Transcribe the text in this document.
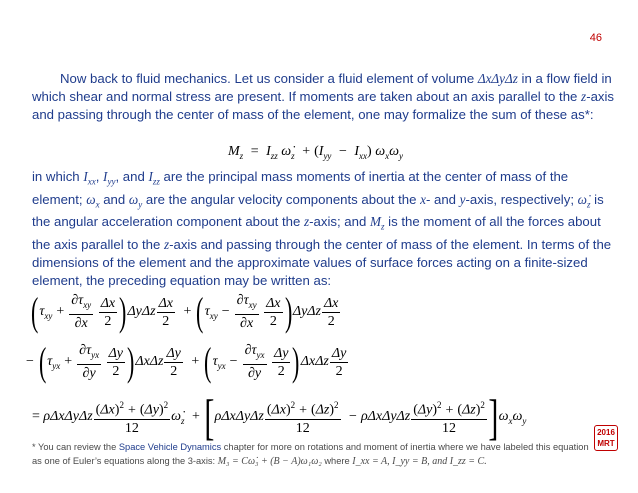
46
Now back to fluid mechanics. Let us consider a fluid element of volume ΔxΔyΔz in a flow field in which shear and normal stress are present. If moments are taken about an axis parallel to the z-axis and passing through the center of mass of the element, one may formalize the sum of these as*:
$M_z = I_{zz}$ $\omegȧ_z + (I_{yy} - I_{xx})$ $\omega_x\omega_y$
in which $I_{xx}$, $I_{yy}$, and $I_{zz}$ are the principal mass moments of inertia at the center of mass of the element; $\omega_x$ and $\omega_y$ are the angular velocity components about the x- and y-axis, respectively; $\omegȧ_z$ is the angular acceleration component about the z-axis; and $M_z$ is the moment of all the forces about the axis parallel to the z-axis and passing through the center of mass of the element. In terms of the dimensions of the element and the approximate values of surface forces acting on a finite-sized element, the preceding equation may be written as:
($\tau_{xy} + \frac{\partial\tau_{xy}}{\partial x}$
$\frac{\Delta x}{2} )\Delta y\Delta z \frac{\Delta x}{2} + (\tau_{xy} - \frac{\partial\tau_{xy}}{\partial x}$
$\frac{\Delta x}{2} )\Delta y\Delta z \frac{\Delta x}{2}$
− ($\tau_{yx} + \frac{\partial\tau_{yx}}{\partial y}$
$\frac{\Delta y}{2} )\Delta x\Delta z \frac{\Delta y}{2} + (\tau_{yx} - \frac{\partial\tau_{yx}}{\partial y}$
$\frac{\Delta y}{2} )\Delta x\Delta z \frac{\Delta y}{2}$
= ρΔxΔyΔz $\frac{(\Delta x)^2 + (\Delta y)^2}{12}$ $\omegȧ_z +[\rho\Delta x\Delta y\Delta z \frac{(\Delta x)^2 + (\Delta z)^2}{12} - \rho\Delta x\Delta y\Delta z \frac{(\Delta y)^2 + (\Delta z)^2}{12} ]\omega_x\omega_y$
* You can review the Space Vehicle Dynamics chapter for more on rotations and moment of inertia where we have labeled this equation as one of Euler’s equations along the 3-axis: M₃ = Cω̇₃ + (B − A)ω₁ω₂ where I_xx = A, I_yy = B, and I_zz = C.
2016
MRT
